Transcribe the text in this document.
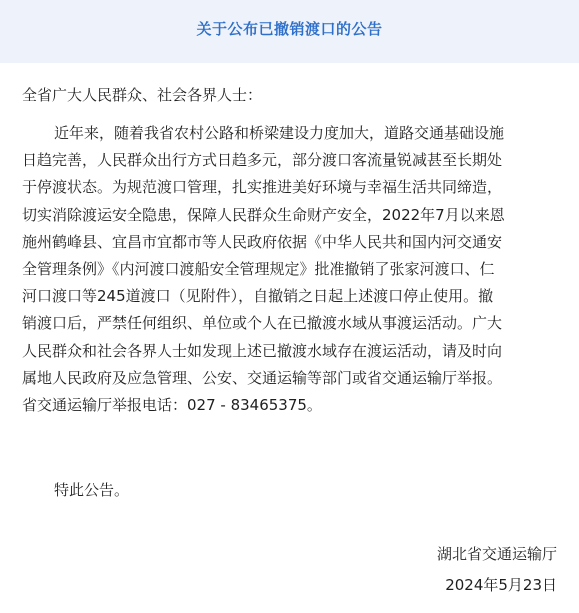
关于公布已撤销渡口的公告
全省广大人民群众、社会各界人士：
近年来，随着我省农村公路和桥梁建设力度加大，道路交通基础设施
日趋完善，人民群众出行方式日趋多元，部分渡口客流量锐减甚至长期处
于停渡状态。为规范渡口管理，扎实推进美好环境与幸福生活共同缔造，
切实消除渡运安全隐患，保障人民群众生命财产安全，2022年7月以来恩
施州鹤峰县、宜昌市宜都市等人民政府依据《中华人民共和国内河交通安
全管理条例》《内河渡口渡船安全管理规定》批准撤销了张家河渡口、仁
河口渡口等245道渡口（见附件），自撤销之日起上述渡口停止使用。撤
销渡口后，严禁任何组织、单位或个人在已撤渡水域从事渡运活动。广大
人民群众和社会各界人士如发现上述已撤渡水域存在渡运活动，请及时向
属地人民政府及应急管理、公安、交通运输等部门或省交通运输厅举报。
省交通运输厅举报电话：027 - 83465375。
特此公告。
湖北省交通运输厅
2024年5月23日
